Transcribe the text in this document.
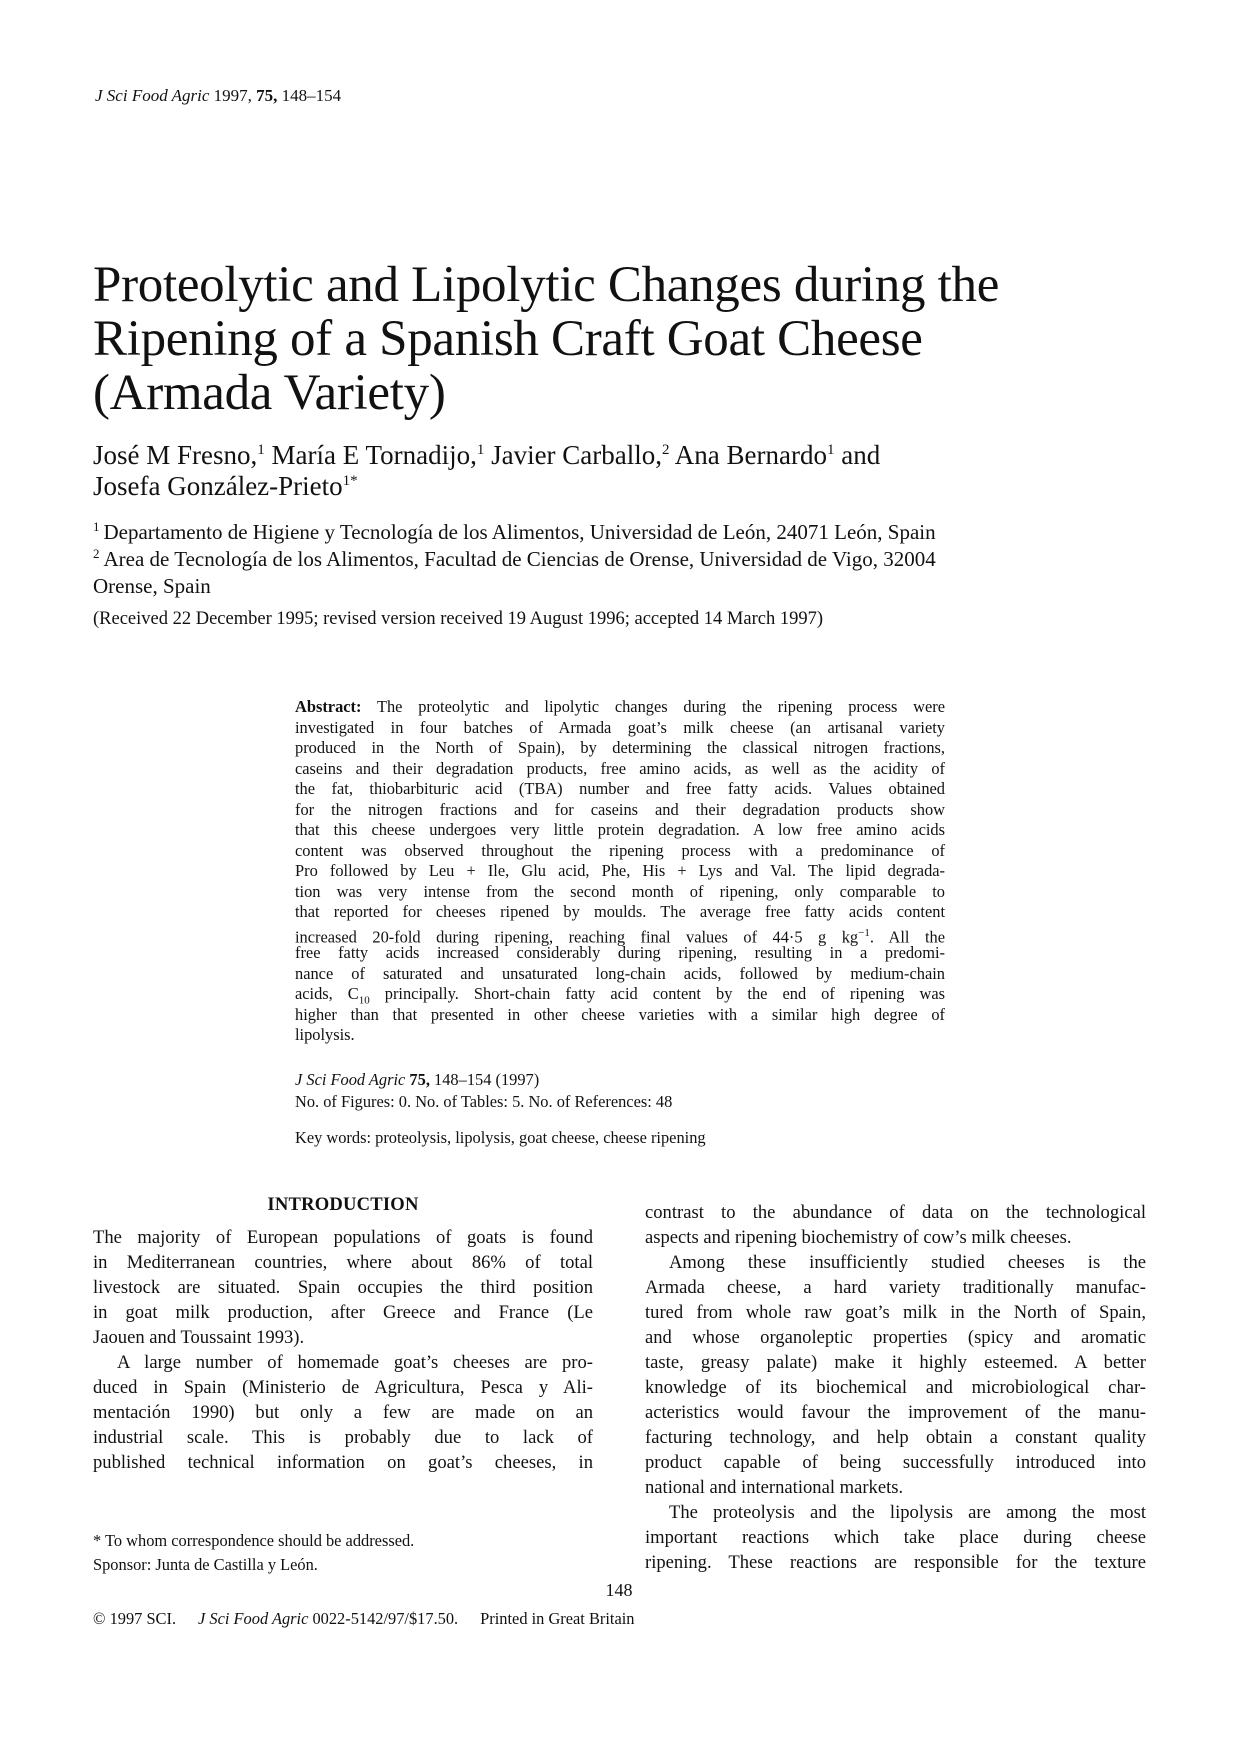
J Sci Food Agric 1997, 75, 148–154
Proteolytic and Lipolytic Changes during the
Ripening of a Spanish Craft Goat Cheese
(Armada Variety)
José M Fresno,$^1$ María E Tornadijo,$^1$ Javier Carballo,$^2$ Ana Bernardo$^1$ and
Josefa González-Prieto$^{1*}$
$^1$ Departamento de Higiene y Tecnología de los Alimentos, Universidad de León, 24071 León, Spain
$^2$ Area de Tecnología de los Alimentos, Facultad de Ciencias de Orense, Universidad de Vigo, 32004
Orense, Spain
(Received 22 December 1995; revised version received 19 August 1996; accepted 14 March 1997)
Abstract: The proteolytic and lipolytic changes during the ripening process were
investigated in four batches of Armada goat’s milk cheese (an artisanal variety
produced in the North of Spain), by determining the classical nitrogen fractions,
caseins and their degradation products, free amino acids, as well as the acidity of
the fat, thiobarbituric acid (TBA) number and free fatty acids. Values obtained
for the nitrogen fractions and for caseins and their degradation products show
that this cheese undergoes very little protein degradation. A low free amino acids
content was observed throughout the ripening process with a predominance of
Pro followed by Leu + Ile, Glu acid, Phe, His + Lys and Val. The lipid degrada-
tion was very intense from the second month of ripening, only comparable to
that reported for cheeses ripened by moulds. The average free fatty acids content
increased 20-fold during ripening, reaching final values of 44·5 g $kg^{-1}$. All the
free fatty acids increased considerably during ripening, resulting in a predomi-
nance of saturated and unsaturated long-chain acids, followed by medium-chain
acids, $C_{10}$ principally. Short-chain fatty acid content by the end of ripening was
higher than that presented in other cheese varieties with a similar high degree of
lipolysis.
J Sci Food Agric 75, 148–154 (1997)
No. of Figures: 0. No. of Tables: 5. No. of References: 48
Key words: proteolysis, lipolysis, goat cheese, cheese ripening
INTRODUCTION
The majority of European populations of goats is found
in Mediterranean countries, where about 86% of total
livestock are situated. Spain occupies the third position
in goat milk production, after Greece and France (Le
Jaouen and Toussaint 1993).
A large number of homemade goat’s cheeses are pro-
duced in Spain (Ministerio de Agricultura, Pesca y Ali-
mentación 1990) but only a few are made on an
industrial scale. This is probably due to lack of
published technical information on goat’s cheeses, in
contrast to the abundance of data on the technological
aspects and ripening biochemistry of cow’s milk cheeses.
Among these insufficiently studied cheeses is the
Armada cheese, a hard variety traditionally manufac-
tured from whole raw goat’s milk in the North of Spain,
and whose organoleptic properties (spicy and aromatic
taste, greasy palate) make it highly esteemed. A better
knowledge of its biochemical and microbiological char-
acteristics would favour the improvement of the manu-
facturing technology, and help obtain a constant quality
product capable of being successfully introduced into
national and international markets.
The proteolysis and the lipolysis are among the most
important reactions which take place during cheese
ripening. These reactions are responsible for the texture
* To whom correspondence should be addressed.
Sponsor: Junta de Castilla y León.
148
© 1997 SCI. J Sci Food Agric 0022-5142/97/$17.50. Printed in Great Britain
